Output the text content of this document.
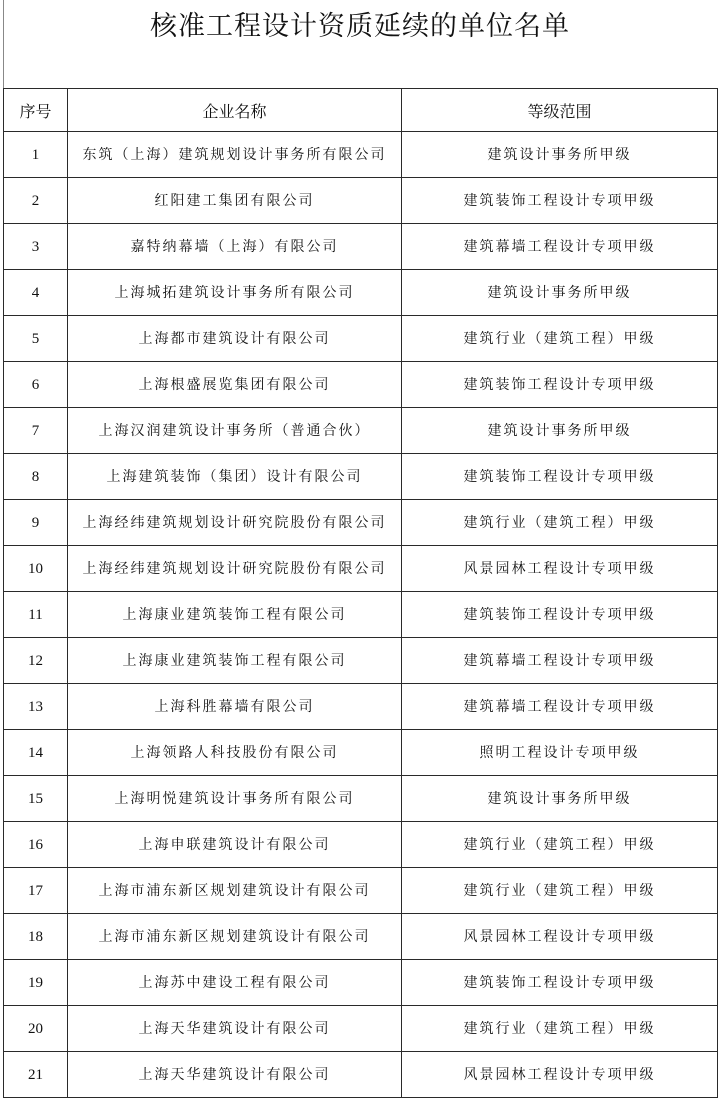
核准工程设计资质延续的单位名单
序号	企业名称	等级范围
1	东筑（上海）建筑规划设计事务所有限公司	建筑设计事务所甲级
2	红阳建工集团有限公司	建筑装饰工程设计专项甲级
3	嘉特纳幕墙（上海）有限公司	建筑幕墙工程设计专项甲级
4	上海城拓建筑设计事务所有限公司	建筑设计事务所甲级
5	上海都市建筑设计有限公司	建筑行业（建筑工程）甲级
6	上海根盛展览集团有限公司	建筑装饰工程设计专项甲级
7	上海汉润建筑设计事务所（普通合伙）	建筑设计事务所甲级
8	上海建筑装饰（集团）设计有限公司	建筑装饰工程设计专项甲级
9	上海经纬建筑规划设计研究院股份有限公司	建筑行业（建筑工程）甲级
10	上海经纬建筑规划设计研究院股份有限公司	风景园林工程设计专项甲级
11	上海康业建筑装饰工程有限公司	建筑装饰工程设计专项甲级
12	上海康业建筑装饰工程有限公司	建筑幕墙工程设计专项甲级
13	上海科胜幕墙有限公司	建筑幕墙工程设计专项甲级
14	上海领路人科技股份有限公司	照明工程设计专项甲级
15	上海明悦建筑设计事务所有限公司	建筑设计事务所甲级
16	上海申联建筑设计有限公司	建筑行业（建筑工程）甲级
17	上海市浦东新区规划建筑设计有限公司	建筑行业（建筑工程）甲级
18	上海市浦东新区规划建筑设计有限公司	风景园林工程设计专项甲级
19	上海苏中建设工程有限公司	建筑装饰工程设计专项甲级
20	上海天华建筑设计有限公司	建筑行业（建筑工程）甲级
21	上海天华建筑设计有限公司	风景园林工程设计专项甲级
